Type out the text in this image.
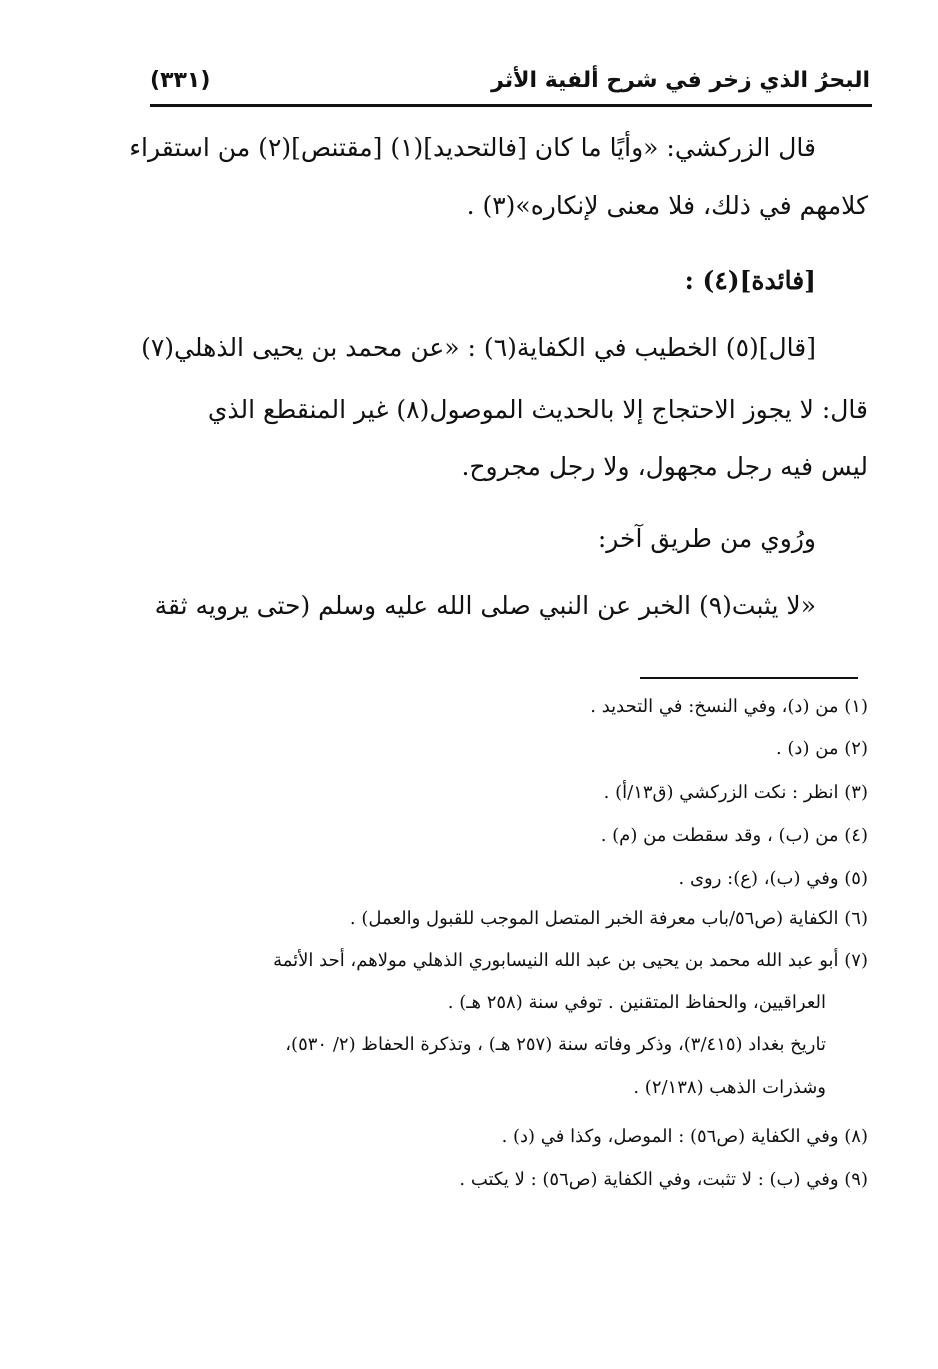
البحرُ الذي زخر في شرح ألفية الأثر
(٣٣١)
قال الزركشي: «وأيًا ما كان [فالتحديد](١) [مقتنص](٢) من استقراء
كلامهم في ذلك، فلا معنى لإنكاره»(٣) .
[فائدة](٤) :
[قال](٥) الخطيب في الكفاية(٦) : «عن محمد بن يحيى الذهلي(٧)
قال: لا يجوز الاحتجاج إلا بالحديث الموصول(٨) غير المنقطع الذي
ليس فيه رجل مجهول، ولا رجل مجروح.
ورُوي من طريق آخر:
«لا يثبت(٩) الخبر عن النبي صلى الله عليه وسلم (حتى يرويه ثقة
(١) من (د)، وفي النسخ: في التحديد .
(٢) من (د) .
(٣) انظر : نكت الزركشي (ق١٣/أ) .
(٤) من (ب) ، وقد سقطت من (م) .
(٥) وفي (ب)، (ع): روى .
(٦) الكفاية (ص٥٦/باب معرفة الخبر المتصل الموجب للقبول والعمل) .
(٧) أبو عبد الله محمد بن يحيى بن عبد الله النيسابوري الذهلي مولاهم، أحد الأئمة
العراقيين، والحفاظ المتقنين . توفي سنة (٢٥٨ هـ) .
تاريخ بغداد (٣/٤١٥)، وذكر وفاته سنة (٢٥٧ هـ) ، وتذكرة الحفاظ (٢/ ٥٣٠)،
وشذرات الذهب (٢/١٣٨) .
(٨) وفي الكفاية (ص٥٦) : الموصل، وكذا في (د) .
(٩) وفي (ب) : لا تثبت، وفي الكفاية (ص٥٦) : لا يكتب .
